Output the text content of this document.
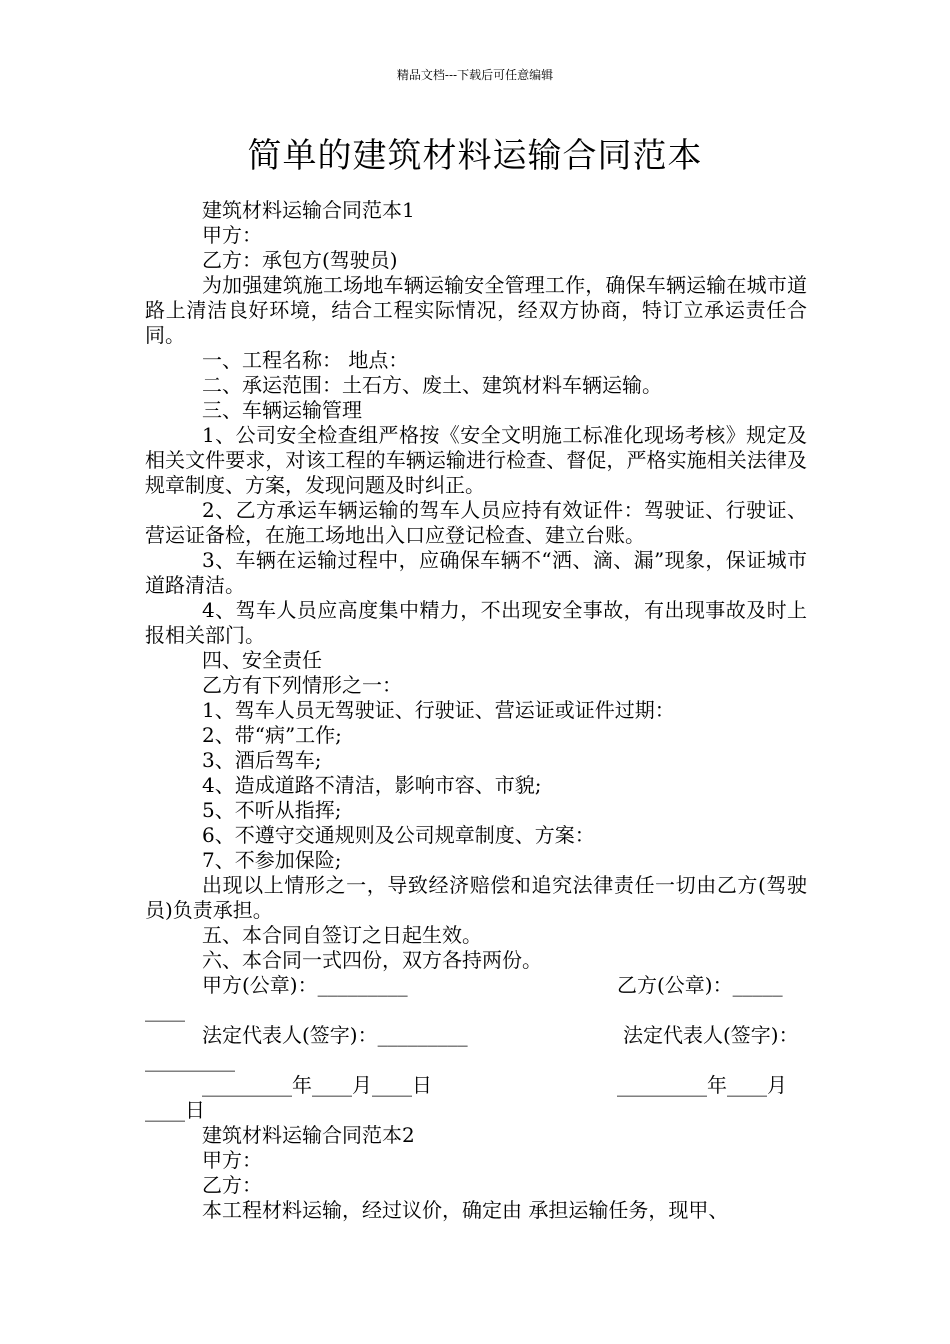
精品文档---下载后可任意编辑
简单的建筑材料运输合同范本

建筑材料运输合同范本1

甲方：

乙方：承包方(驾驶员)

为加强建筑施工场地车辆运输安全管理工作，确保车辆运输在城市道路上清洁良好环境，结合工程实际情况，经双方协商，特订立承运责任合同。

一、工程名称： 地点：

二、承运范围：土石方、废土、建筑材料车辆运输。

三、车辆运输管理

1、公司安全检查组严格按《安全文明施工标准化现场考核》规定及相关文件要求，对该工程的车辆运输进行检查、督促，严格实施相关法律及规章制度、方案，发现问题及时纠正。

2、乙方承运车辆运输的驾车人员应持有效证件：驾驶证、行驶证、营运证备检，在施工场地出入口应登记检查、建立台账。

3、车辆在运输过程中，应确保车辆不“洒、滴、漏”现象，保证城市道路清洁。

4、驾车人员应高度集中精力，不出现安全事故，有出现事故及时上报相关部门。

四、安全责任

乙方有下列情形之一：

1、驾车人员无驾驶证、行驶证、营运证或证件过期：

2、带“病”工作;

3、酒后驾车;

4、造成道路不清洁，影响市容、市貌;

5、不听从指挥;

6、不遵守交通规则及公司规章制度、方案：

7、不参加保险;

出现以上情形之一，导致经济赔偿和追究法律责任一切由乙方(驾驶员)负责承担。

五、本合同自签订之日起生效。

六、本合同一式四份，双方各持两份。

甲方(公章)：_________	乙方(公章)：_____
____
法定代表人(签字)：_________	法定代表人(签字)：
_________
_________年____月____日	_________年____月
____日

建筑材料运输合同范本2

甲方：

乙方：

本工程材料运输，经过议价，确定由 承担运输任务，现甲、
